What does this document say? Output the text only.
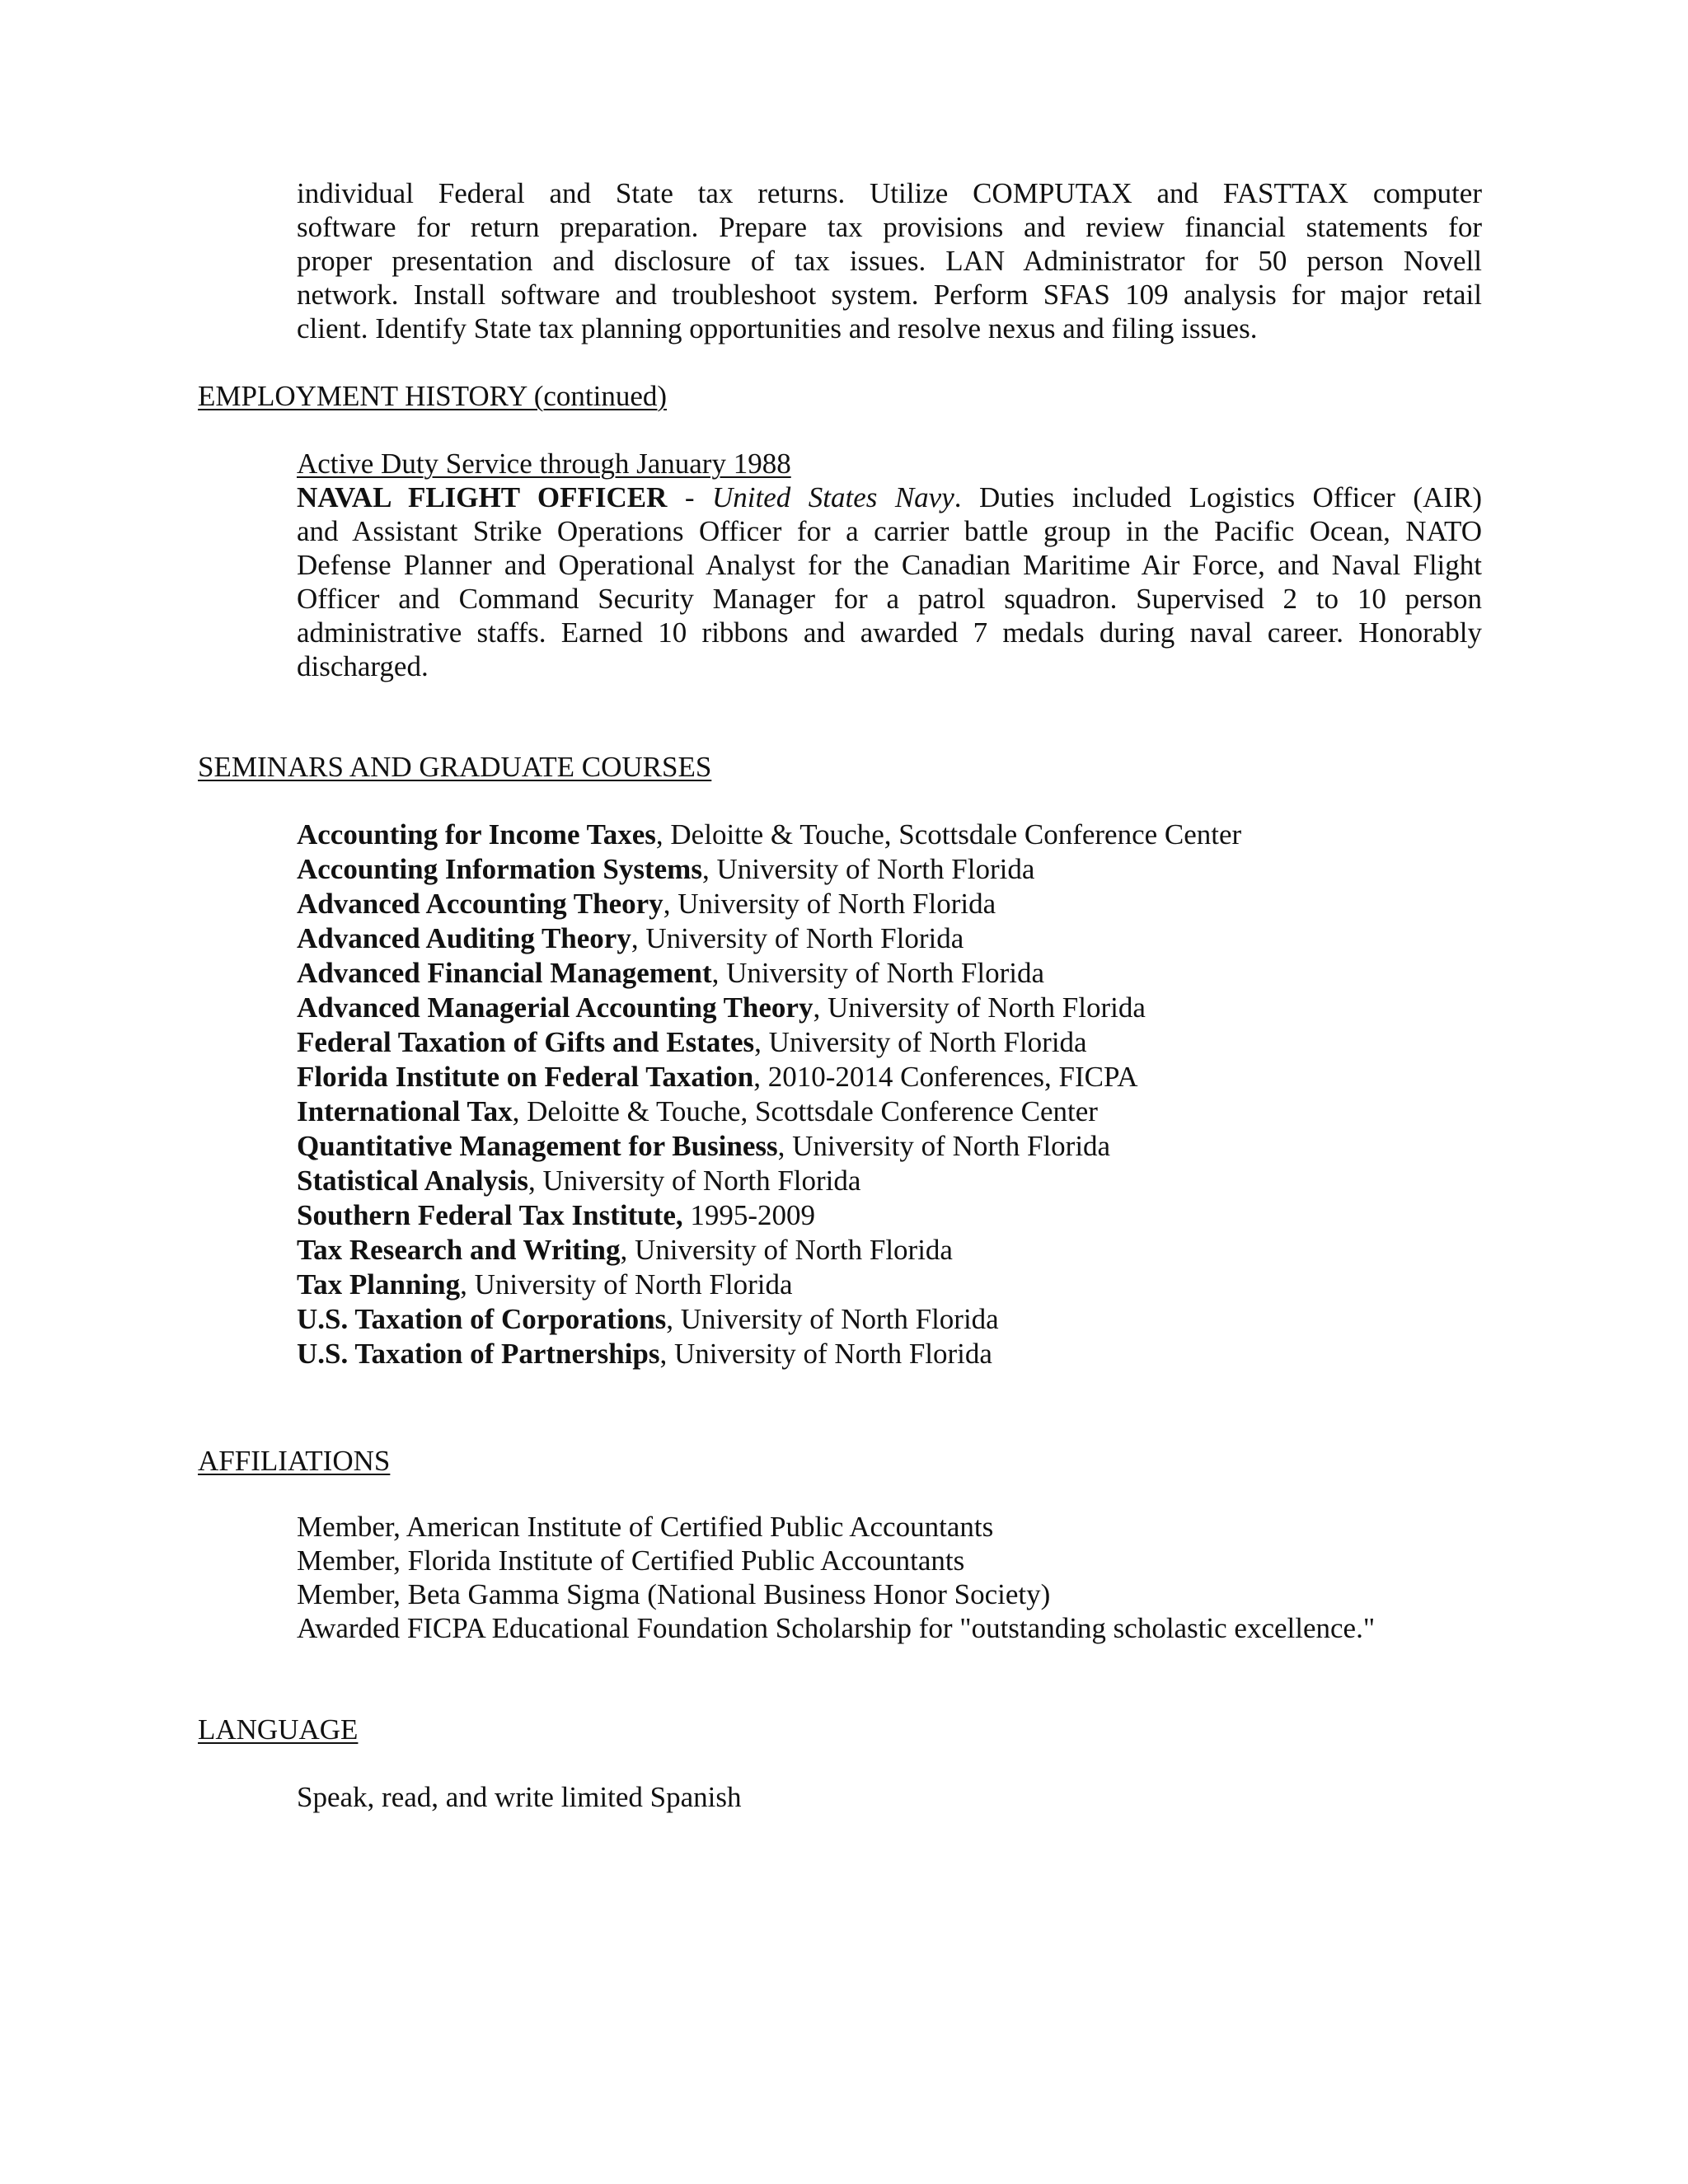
individual Federal and State tax returns. Utilize COMPUTAX and FASTTAX computer

software for return preparation. Prepare tax provisions and review financial statements for

proper presentation and disclosure of tax issues. LAN Administrator for 50 person Novell

network. Install software and troubleshoot system. Perform SFAS 109 analysis for major retail

client. Identify State tax planning opportunities and resolve nexus and filing issues.

EMPLOYMENT HISTORY (continued)

Active Duty Service through January 1988

NAVAL FLIGHT OFFICER - United States Navy. Duties included Logistics Officer (AIR)

and Assistant Strike Operations Officer for a carrier battle group in the Pacific Ocean, NATO

Defense Planner and Operational Analyst for the Canadian Maritime Air Force, and Naval Flight

Officer and Command Security Manager for a patrol squadron. Supervised 2 to 10 person

administrative staffs. Earned 10 ribbons and awarded 7 medals during naval career. Honorably

discharged.

SEMINARS AND GRADUATE COURSES
Accounting for Income Taxes, Deloitte & Touche, Scottsdale Conference Center
Accounting Information Systems, University of North Florida
Advanced Accounting Theory, University of North Florida
Advanced Auditing Theory, University of North Florida
Advanced Financial Management, University of North Florida
Advanced Managerial Accounting Theory, University of North Florida
Federal Taxation of Gifts and Estates, University of North Florida
Florida Institute on Federal Taxation, 2010-2014 Conferences, FICPA
International Tax, Deloitte & Touche, Scottsdale Conference Center
Quantitative Management for Business, University of North Florida
Statistical Analysis, University of North Florida
Southern Federal Tax Institute, 1995-2009
Tax Research and Writing, University of North Florida
Tax Planning, University of North Florida
U.S. Taxation of Corporations, University of North Florida
U.S. Taxation of Partnerships, University of North Florida
AFFILIATIONS
Member, American Institute of Certified Public Accountants
Member, Florida Institute of Certified Public Accountants
Member, Beta Gamma Sigma (National Business Honor Society)
Awarded FICPA Educational Foundation Scholarship for "outstanding scholastic excellence."
LANGUAGE
Speak, read, and write limited Spanish
